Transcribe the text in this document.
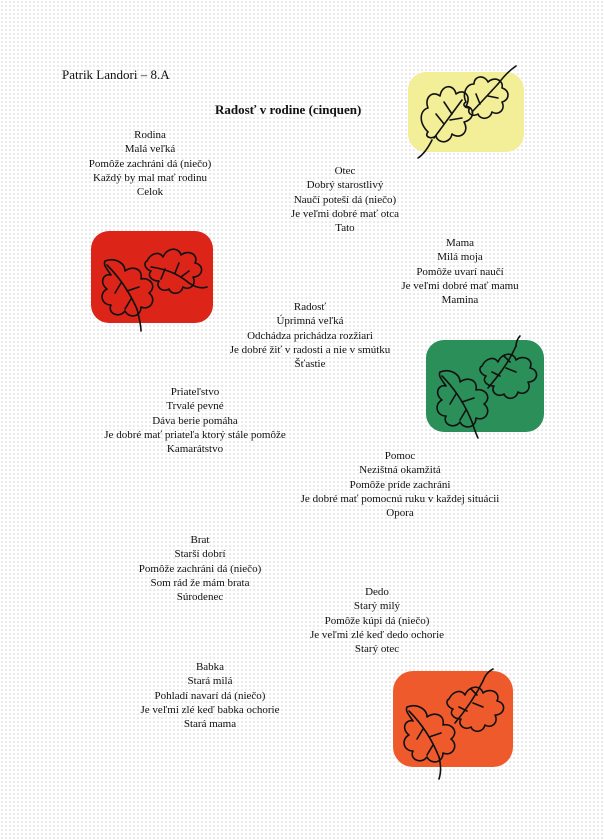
Patrik Landori – 8.A
Radosť v rodine (cinquen)
Rodina
Malá veľká
Pomôže zachráni dá (niečo)
Každý by mal mať rodinu
Celok
Otec
Dobrý starostlivý
Naučí poteší dá (niečo)
Je veľmi dobré mať otca
Tato
Mama
Milá moja
Pomôže uvarí naučí
Je veľmi dobré mať mamu
Mamina
Radosť
Úprimná veľká
Odchádza prichádza rozžiari
Je dobré žiť v radosti a nie v smútku
Šťastie
Priateľstvo
Trvalé pevné
Dáva berie pomáha
Je dobré mať priateľa ktorý stále pomôže
Kamarátstvo
Pomoc
Nezištná okamžitá
Pomôže príde zachráni
Je dobré mať pomocnú ruku v každej situácii
Opora
Brat
Starší dobrí
Pomôže zachráni dá (niečo)
Som rád že mám brata
Súrodenec	Dedo
Starý milý
Pomôže kúpi dá (niečo)
Je veľmi zlé keď dedo ochorie
Starý otec
Babka
Stará milá
Pohladí navarí dá (niečo)
Je veľmi zlé keď babka ochorie
Stará mama
